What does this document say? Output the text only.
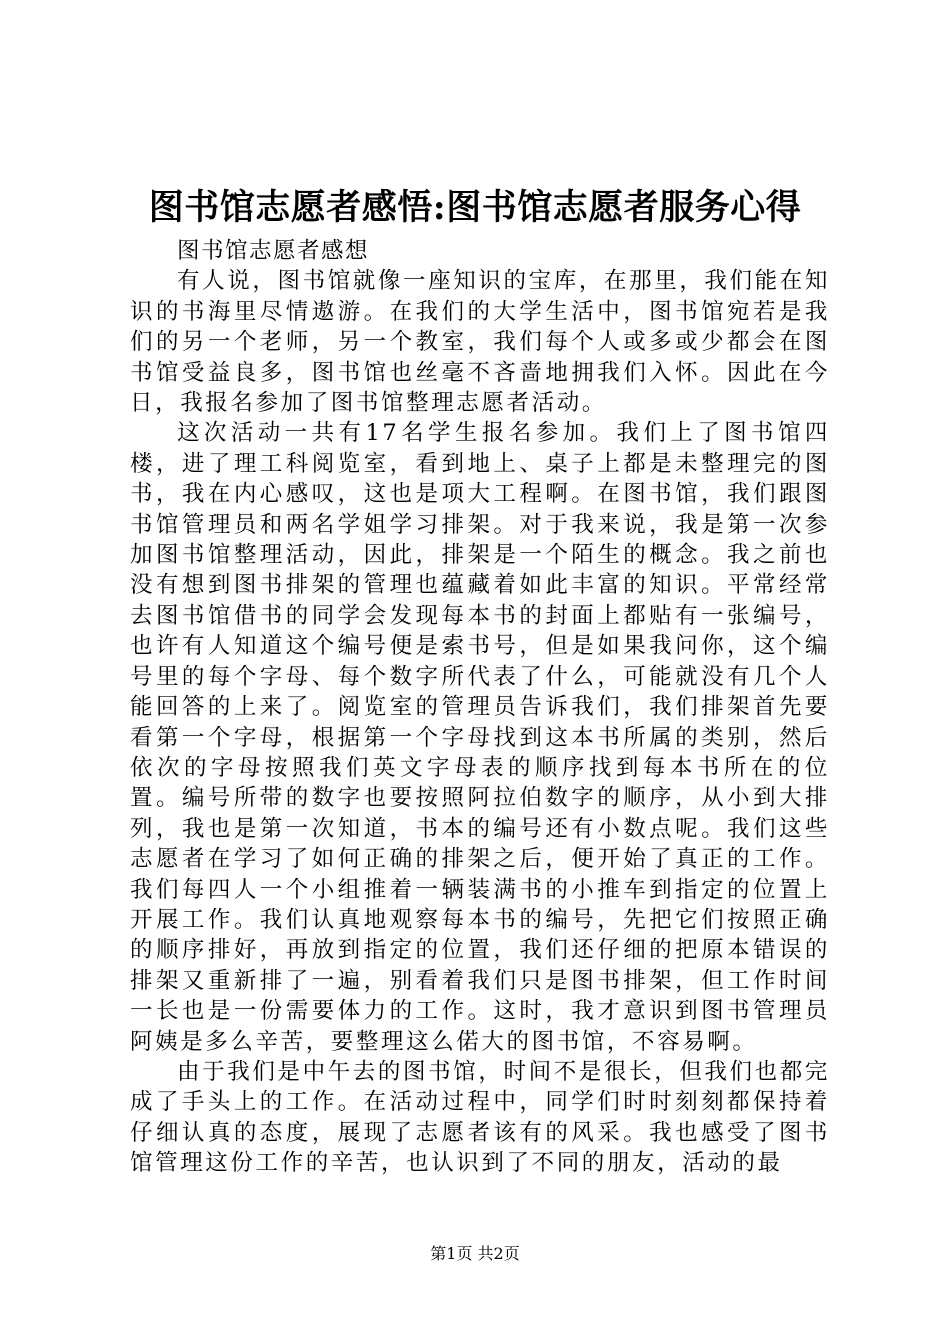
图书馆志愿者感悟:图书馆志愿者服务心得

图书馆志愿者感想

有人说，图书馆就像一座知识的宝库，在那里，我们能在知识的书海里尽情遨游。在我们的大学生活中，图书馆宛若是我们的另一个老师，另一个教室，我们每个人或多或少都会在图书馆受益良多，图书馆也丝毫不吝啬地拥我们入怀。因此在今日，我报名参加了图书馆整理志愿者活动。

这次活动一共有17名学生报名参加。我们上了图书馆四楼，进了理工科阅览室，看到地上、桌子上都是未整理完的图书，我在内心感叹，这也是项大工程啊。在图书馆，我们跟图书馆管理员和两名学姐学习排架。对于我来说，我是第一次参加图书馆整理活动，因此，排架是一个陌生的概念。我之前也没有想到图书排架的管理也蕴藏着如此丰富的知识。平常经常去图书馆借书的同学会发现每本书的封面上都贴有一张编号，也许有人知道这个编号便是索书号，但是如果我问你，这个编号里的每个字母、每个数字所代表了什么，可能就没有几个人能回答的上来了。阅览室的管理员告诉我们，我们排架首先要看第一个字母，根据第一个字母找到这本书所属的类别，然后依次的字母按照我们英文字母表的顺序找到每本书所在的位置。编号所带的数字也要按照阿拉伯数字的顺序，从小到大排列，我也是第一次知道，书本的编号还有小数点呢。我们这些志愿者在学习了如何正确的排架之后，便开始了真正的工作。我们每四人一个小组推着一辆装满书的小推车到指定的位置上开展工作。我们认真地观察每本书的编号，先把它们按照正确的顺序排好，再放到指定的位置，我们还仔细的把原本错误的排架又重新排了一遍，别看着我们只是图书排架，但工作时间一长也是一份需要体力的工作。这时，我才意识到图书管理员阿姨是多么辛苦，要整理这么偌大的图书馆，不容易啊。

由于我们是中午去的图书馆，时间不是很长，但我们也都完成了手头上的工作。在活动过程中，同学们时时刻刻都保持着仔细认真的态度，展现了志愿者该有的风采。我也感受了图书馆管理这份工作的辛苦，也认识到了不同的朋友，活动的最

第1页 共2页
